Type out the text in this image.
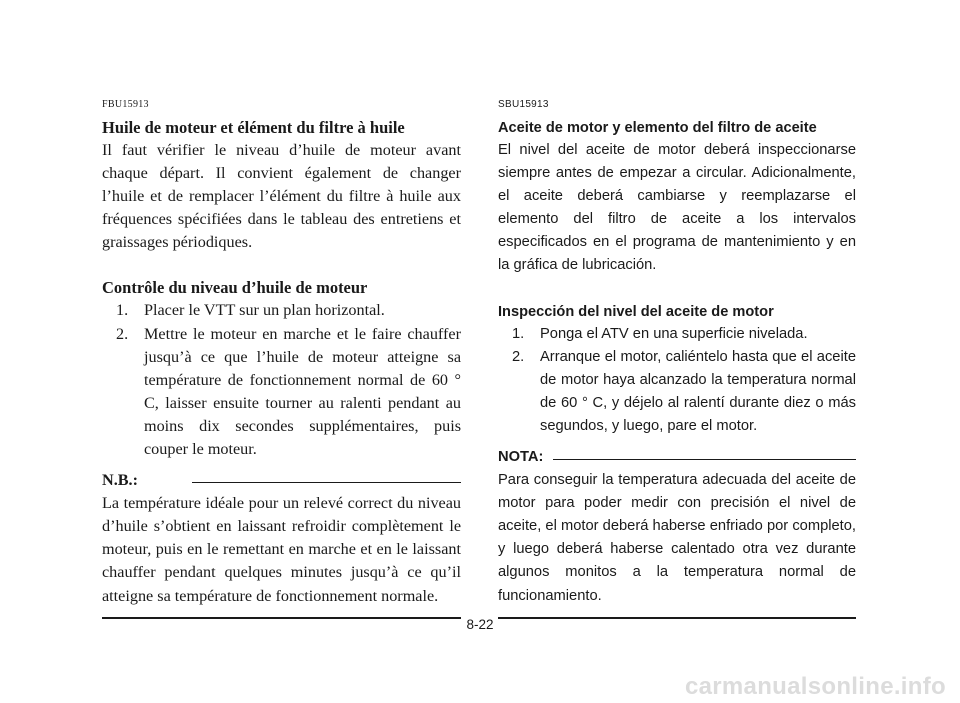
FBU15913
Huile de moteur et élément du filtre à huile

Il faut vérifier le niveau d’huile de moteur avant chaque départ. Il convient également de changer l’huile et de remplacer l’élément du filtre à huile aux fréquences spécifiées dans le tableau des entretiens et graissages périodiques.

Contrôle du niveau d’huile de moteur
1. Placer le VTT sur un plan horizontal.
2. Mettre le moteur en marche et le faire chauffer jusqu’à ce que l’huile de moteur atteigne sa température de fonctionnement normal de 60 ° C, laisser ensuite tourner au ralenti pendant au moins dix secondes supplémentaires, puis couper le moteur.
N.B.:

La température idéale pour un relevé correct du niveau d’huile s’obtient en laissant refroidir complètement le moteur, puis en le remettant en marche et en le laissant chauffer pendant quelques minutes jusqu’à ce qu’il atteigne sa température de fonctionnement normale.

SBU15913
Aceite de motor y elemento del filtro de aceite

El nivel del aceite de motor deberá inspeccionarse siempre antes de empezar a circular. Adicionalmente, el aceite deberá cambiarse y reemplazarse el elemento del filtro de aceite a los intervalos especificados en el programa de mantenimiento y en la gráfica de lubricación.

Inspección del nivel del aceite de motor
1.	Ponga el ATV en una superficie nivelada.
2.	Arranque el motor, caliéntelo hasta que el aceite de motor haya alcanzado la temperatura normal de 60 ° C, y déjelo al ralentí durante diez o más segundos, y luego, pare el motor.
NOTA:

Para conseguir la temperatura adecuada del aceite de motor para poder medir con precisión el nivel de aceite, el motor deberá haberse enfriado por completo, y luego deberá haberse calentado otra vez durante algunos monitos a la temperatura normal de funcionamiento.

8-22
carmanualsonline.info
